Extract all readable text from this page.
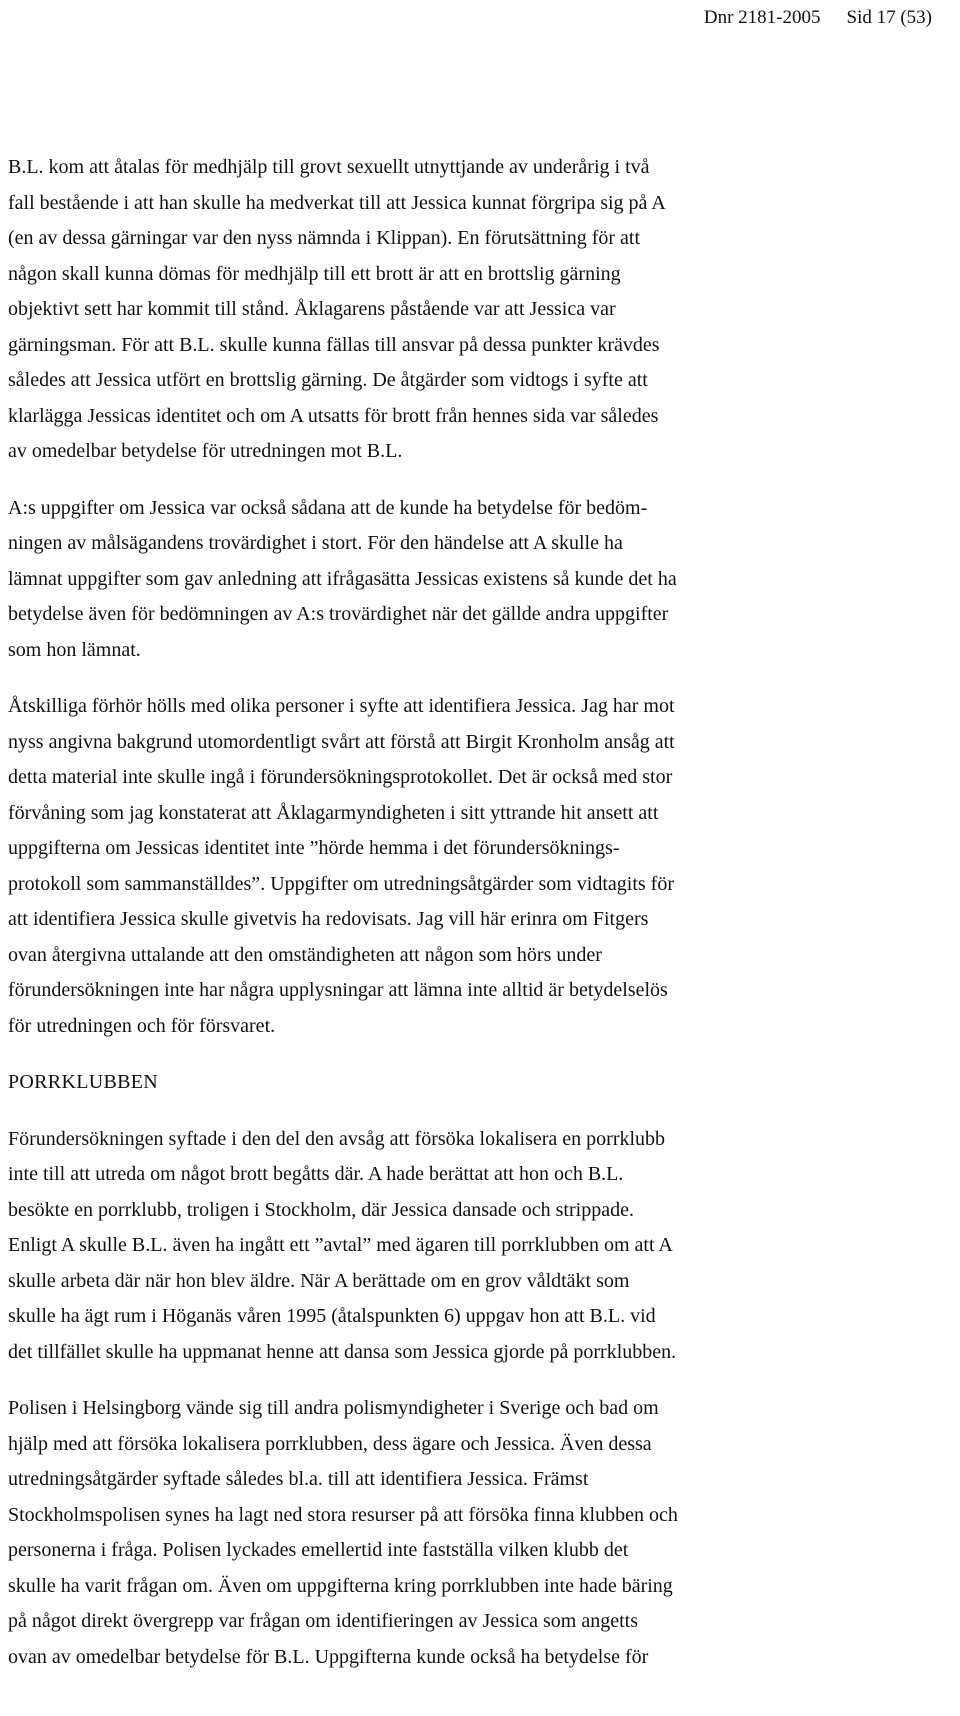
Dnr 2181-2005 Sid 17 (53)
B.L. kom att åtalas för medhjälp till grovt sexuellt utnyttjande av underårig i två
fall bestående i att han skulle ha medverkat till att Jessica kunnat förgripa sig på A
(en av dessa gärningar var den nyss nämnda i Klippan). En förutsättning för att
någon skall kunna dömas för medhjälp till ett brott är att en brottslig gärning
objektivt sett har kommit till stånd. Åklagarens påstående var att Jessica var
gärningsman. För att B.L. skulle kunna fällas till ansvar på dessa punkter krävdes
således att Jessica utfört en brottslig gärning. De åtgärder som vidtogs i syfte att
klarlägga Jessicas identitet och om A utsatts för brott från hennes sida var således
av omedelbar betydelse för utredningen mot B.L.
A:s uppgifter om Jessica var också sådana att de kunde ha betydelse för bedöm-
ningen av målsägandens trovärdighet i stort. För den händelse att A skulle ha
lämnat uppgifter som gav anledning att ifrågasätta Jessicas existens så kunde det ha
betydelse även för bedömningen av A:s trovärdighet när det gällde andra uppgifter
som hon lämnat.
Åtskilliga förhör hölls med olika personer i syfte att identifiera Jessica. Jag har mot
nyss angivna bakgrund utomordentligt svårt att förstå att Birgit Kronholm ansåg att
detta material inte skulle ingå i förundersökningsprotokollet. Det är också med stor
förvåning som jag konstaterat att Åklagarmyndigheten i sitt yttrande hit ansett att
uppgifterna om Jessicas identitet inte ”hörde hemma i det förundersöknings-
protokoll som sammanställdes”. Uppgifter om utredningsåtgärder som vidtagits för
att identifiera Jessica skulle givetvis ha redovisats. Jag vill här erinra om Fitgers
ovan återgivna uttalande att den omständigheten att någon som hörs under
förundersökningen inte har några upplysningar att lämna inte alltid är betydelselös
för utredningen och för försvaret.
PORRKLUBBEN
Förundersökningen syftade i den del den avsåg att försöka lokalisera en porrklubb
inte till att utreda om något brott begåtts där. A hade berättat att hon och B.L.
besökte en porrklubb, troligen i Stockholm, där Jessica dansade och strippade.
Enligt A skulle B.L. även ha ingått ett ”avtal” med ägaren till porrklubben om att A
skulle arbeta där när hon blev äldre. När A berättade om en grov våldtäkt som
skulle ha ägt rum i Höganäs våren 1995 (åtalspunkten 6) uppgav hon att B.L. vid
det tillfället skulle ha uppmanat henne att dansa som Jessica gjorde på porrklubben.
Polisen i Helsingborg vände sig till andra polismyndigheter i Sverige och bad om
hjälp med att försöka lokalisera porrklubben, dess ägare och Jessica. Även dessa
utredningsåtgärder syftade således bl.a. till att identifiera Jessica. Främst
Stockholmspolisen synes ha lagt ned stora resurser på att försöka finna klubben och
personerna i fråga. Polisen lyckades emellertid inte fastställa vilken klubb det
skulle ha varit frågan om. Även om uppgifterna kring porrklubben inte hade bäring
på något direkt övergrepp var frågan om identifieringen av Jessica som angetts
ovan av omedelbar betydelse för B.L. Uppgifterna kunde också ha betydelse för
